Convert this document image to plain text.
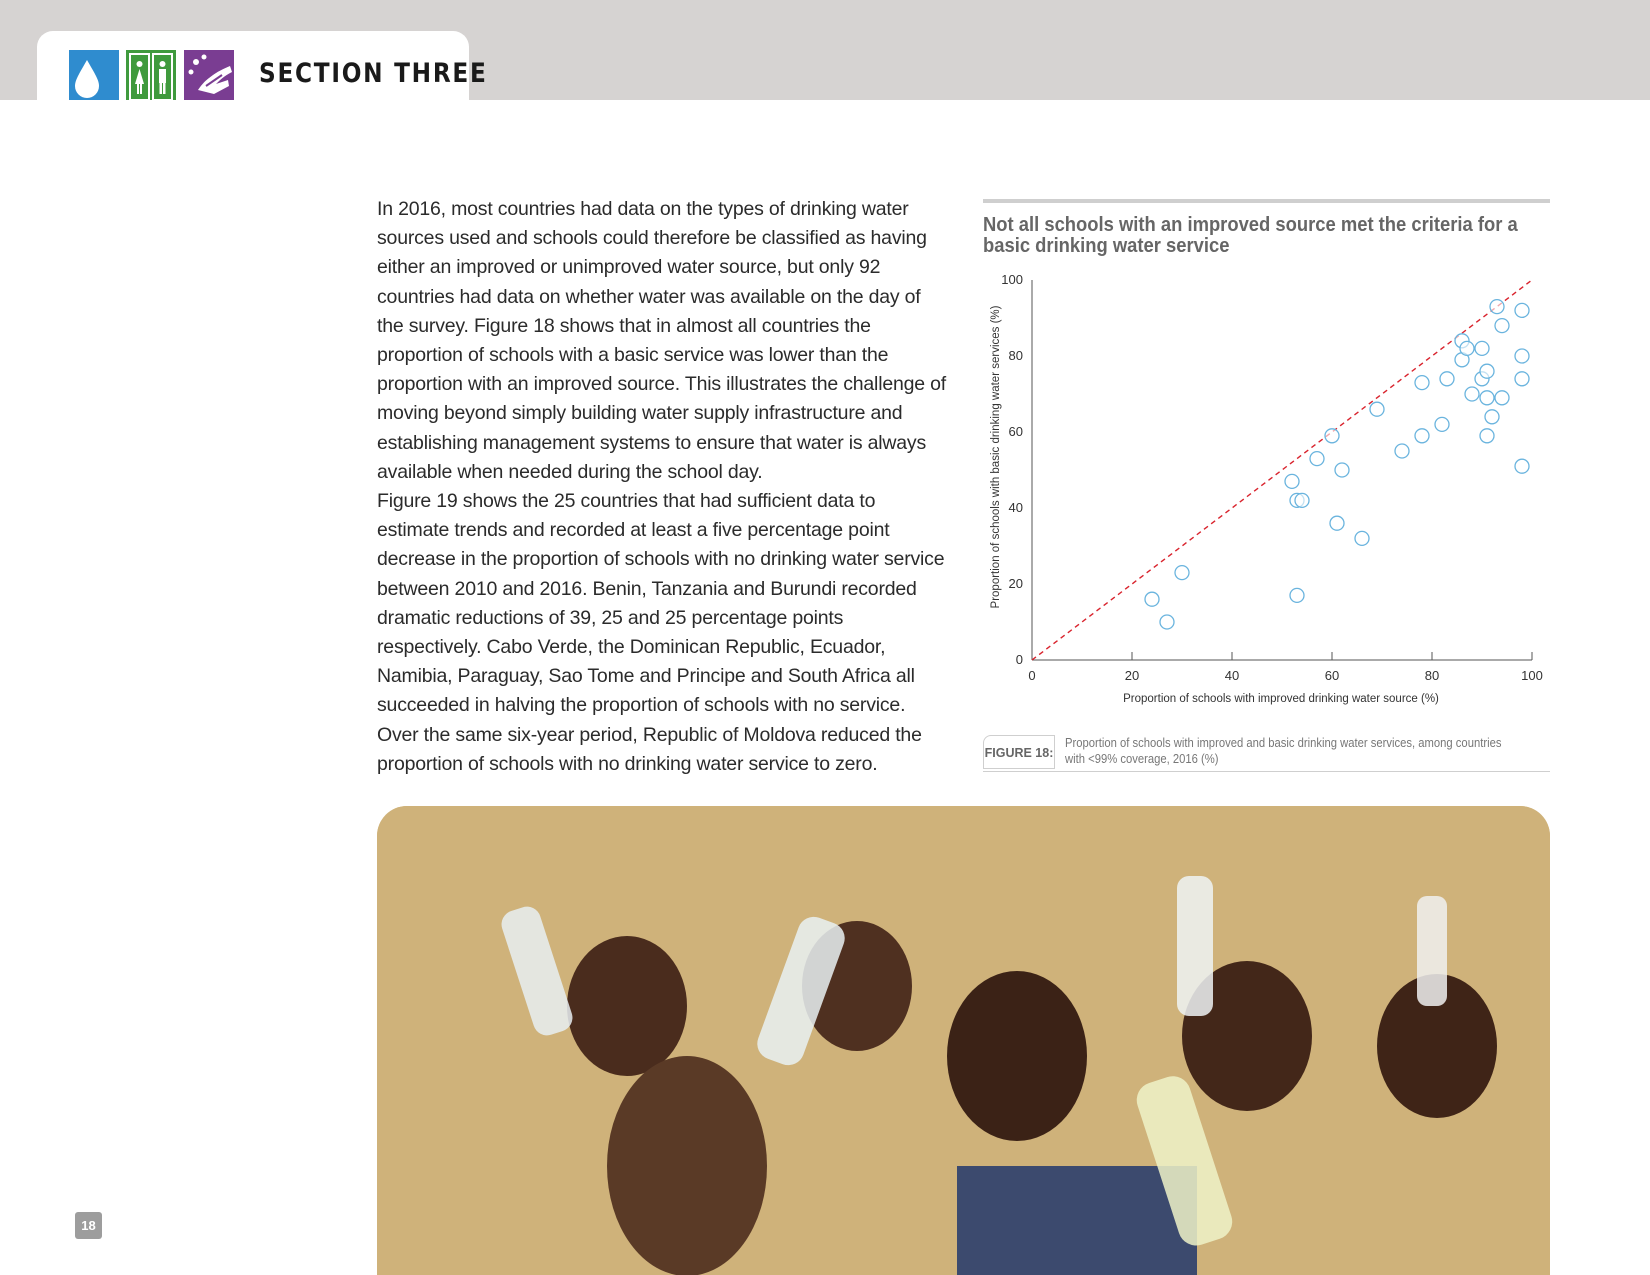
SECTION THREE

In 2016, most countries had data on the types of drinking water sources used and schools could therefore be classified as having either an improved or unimproved water source, but only 92 countries had data on whether water was available on the day of the survey. Figure 18 shows that in almost all countries the proportion of schools with a basic service was lower than the proportion with an improved source. This illustrates the challenge of moving beyond simply building water supply infrastructure and establishing management systems to ensure that water is always available when needed during the school day.

Figure 19 shows the 25 countries that had sufficient data to estimate trends and recorded at least a five percentage point decrease in the proportion of schools with no drinking water service between 2010 and 2016. Benin, Tanzania and Burundi recorded dramatic reductions of 39, 25 and 25 percentage points respectively. Cabo Verde, the Dominican Republic, Ecuador, Namibia, Paraguay, Sao Tome and Principe and South Africa all succeeded in halving the proportion of schools with no service. Over the same six-year period, Republic of Moldova reduced the proportion of schools with no drinking water service to zero.

Not all schools with an improved source met the criteria for a basic drinking water service
Proportion of schools with basic drinking water services (%)
Proportion of schools with improved drinking water source (%)
0	20	40	60	80	100
0
20
40
60
80
100
FIGURE 18:
Proportion of schools with improved and basic drinking water services, among countries with <99% coverage, 2016 (%)
18
